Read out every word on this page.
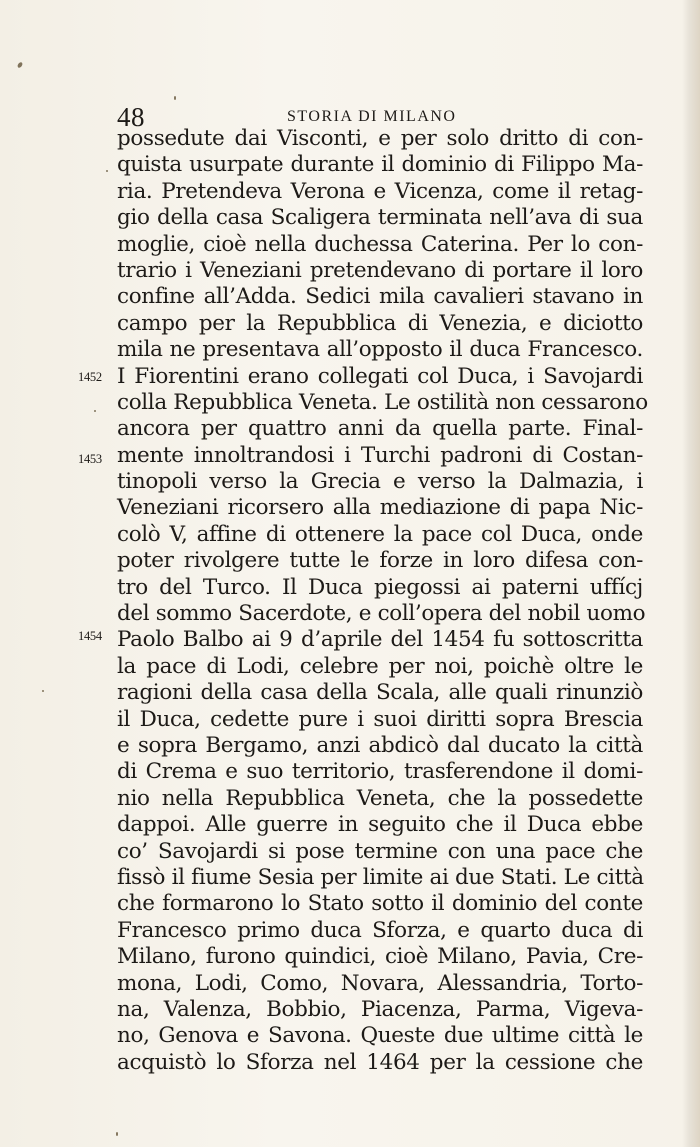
48	STORIA DI MILANO
1452
1453
1454
possedute dai Visconti, e per solo dritto di con-
quista usurpate durante il dominio di Filippo Ma-
ria. Pretendeva Verona e Vicenza, come il retag-
gio della casa Scaligera terminata nell’ava di sua
moglie, cioè nella duchessa Caterina. Per lo con-
trario i Veneziani pretendevano di portare il loro
confine all’Adda. Sedici mila cavalieri stavano in
campo per la Repubblica di Venezia, e diciotto
mila ne presentava all’opposto il duca Francesco.
I Fiorentini erano collegati col Duca, i Savojardi
colla Repubblica Veneta. Le ostilità non cessarono
ancora per quattro anni da quella parte. Final-
mente innoltrandosi i Turchi padroni di Costan-
tinopoli verso la Grecia e verso la Dalmazia, i
Veneziani ricorsero alla mediazione di papa Nic-
colò V, affine di ottenere la pace col Duca, onde
poter rivolgere tutte le forze in loro difesa con-
tro del Turco. Il Duca piegossi ai paterni uffícj
del sommo Sacerdote, e coll’opera del nobil uomo
Paolo Balbo ai 9 d’aprile del 1454 fu sottoscritta
la pace di Lodi, celebre per noi, poichè oltre le
ragioni della casa della Scala, alle quali rinunziò
il Duca, cedette pure i suoi diritti sopra Brescia
e sopra Bergamo, anzi abdicò dal ducato la città
di Crema e suo territorio, trasferendone il domi-
nio nella Repubblica Veneta, che la possedette
dappoi. Alle guerre in seguito che il Duca ebbe
co’ Savojardi si pose termine con una pace che
fissò il fiume Sesia per limite ai due Stati. Le città
che formarono lo Stato sotto il dominio del conte
Francesco primo duca Sforza, e quarto duca di
Milano, furono quindici, cioè Milano, Pavia, Cre-
mona, Lodi, Como, Novara, Alessandria, Torto-
na, Valenza, Bobbio, Piacenza, Parma, Vigeva-
no, Genova e Savona. Queste due ultime città le
acquistò lo Sforza nel 1464 per la cessione che
